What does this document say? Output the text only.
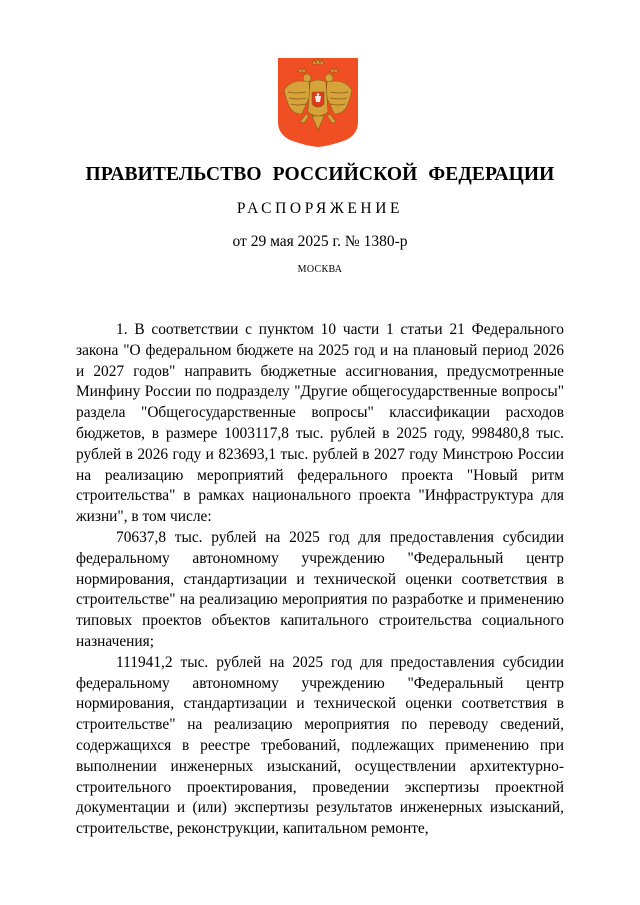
ПРАВИТЕЛЬСТВО РОССИЙСКОЙ ФЕДЕРАЦИИ
РАСПОРЯЖЕНИЕ
от 29 мая 2025 г. № 1380-р
МОСКВА

1. В соответствии с пунктом 10 части 1 статьи 21 Федерального закона "О федеральном бюджете на 2025 год и на плановый период 2026 и 2027 годов" направить бюджетные ассигнования, предусмотренные Минфину России по подразделу "Другие общегосударственные вопросы" раздела "Общегосударственные вопросы" классификации расходов бюджетов, в размере 1003117,8 тыс. рублей в 2025 году, 998480,8 тыс. рублей в 2026 году и 823693,1 тыс. рублей в 2027 году Минстрою России на реализацию мероприятий федерального проекта "Новый ритм строительства" в рамках национального проекта "Инфраструктура для жизни", в том числе:

70637,8 тыс. рублей на 2025 год для предоставления субсидии федеральному автономному учреждению "Федеральный центр нормирования, стандартизации и технической оценки соответствия в строительстве" на реализацию мероприятия по разработке и применению типовых проектов объектов капитального строительства социального назначения;

111941,2 тыс. рублей на 2025 год для предоставления субсидии федеральному автономному учреждению "Федеральный центр нормирования, стандартизации и технической оценки соответствия в строительстве" на реализацию мероприятия по переводу сведений, содержащихся в реестре требований, подлежащих применению при выполнении инженерных изысканий, осуществлении архитектурно-строительного проектирования, проведении экспертизы проектной документации и (или) экспертизы результатов инженерных изысканий, строительстве, реконструкции, капитальном ремонте,
